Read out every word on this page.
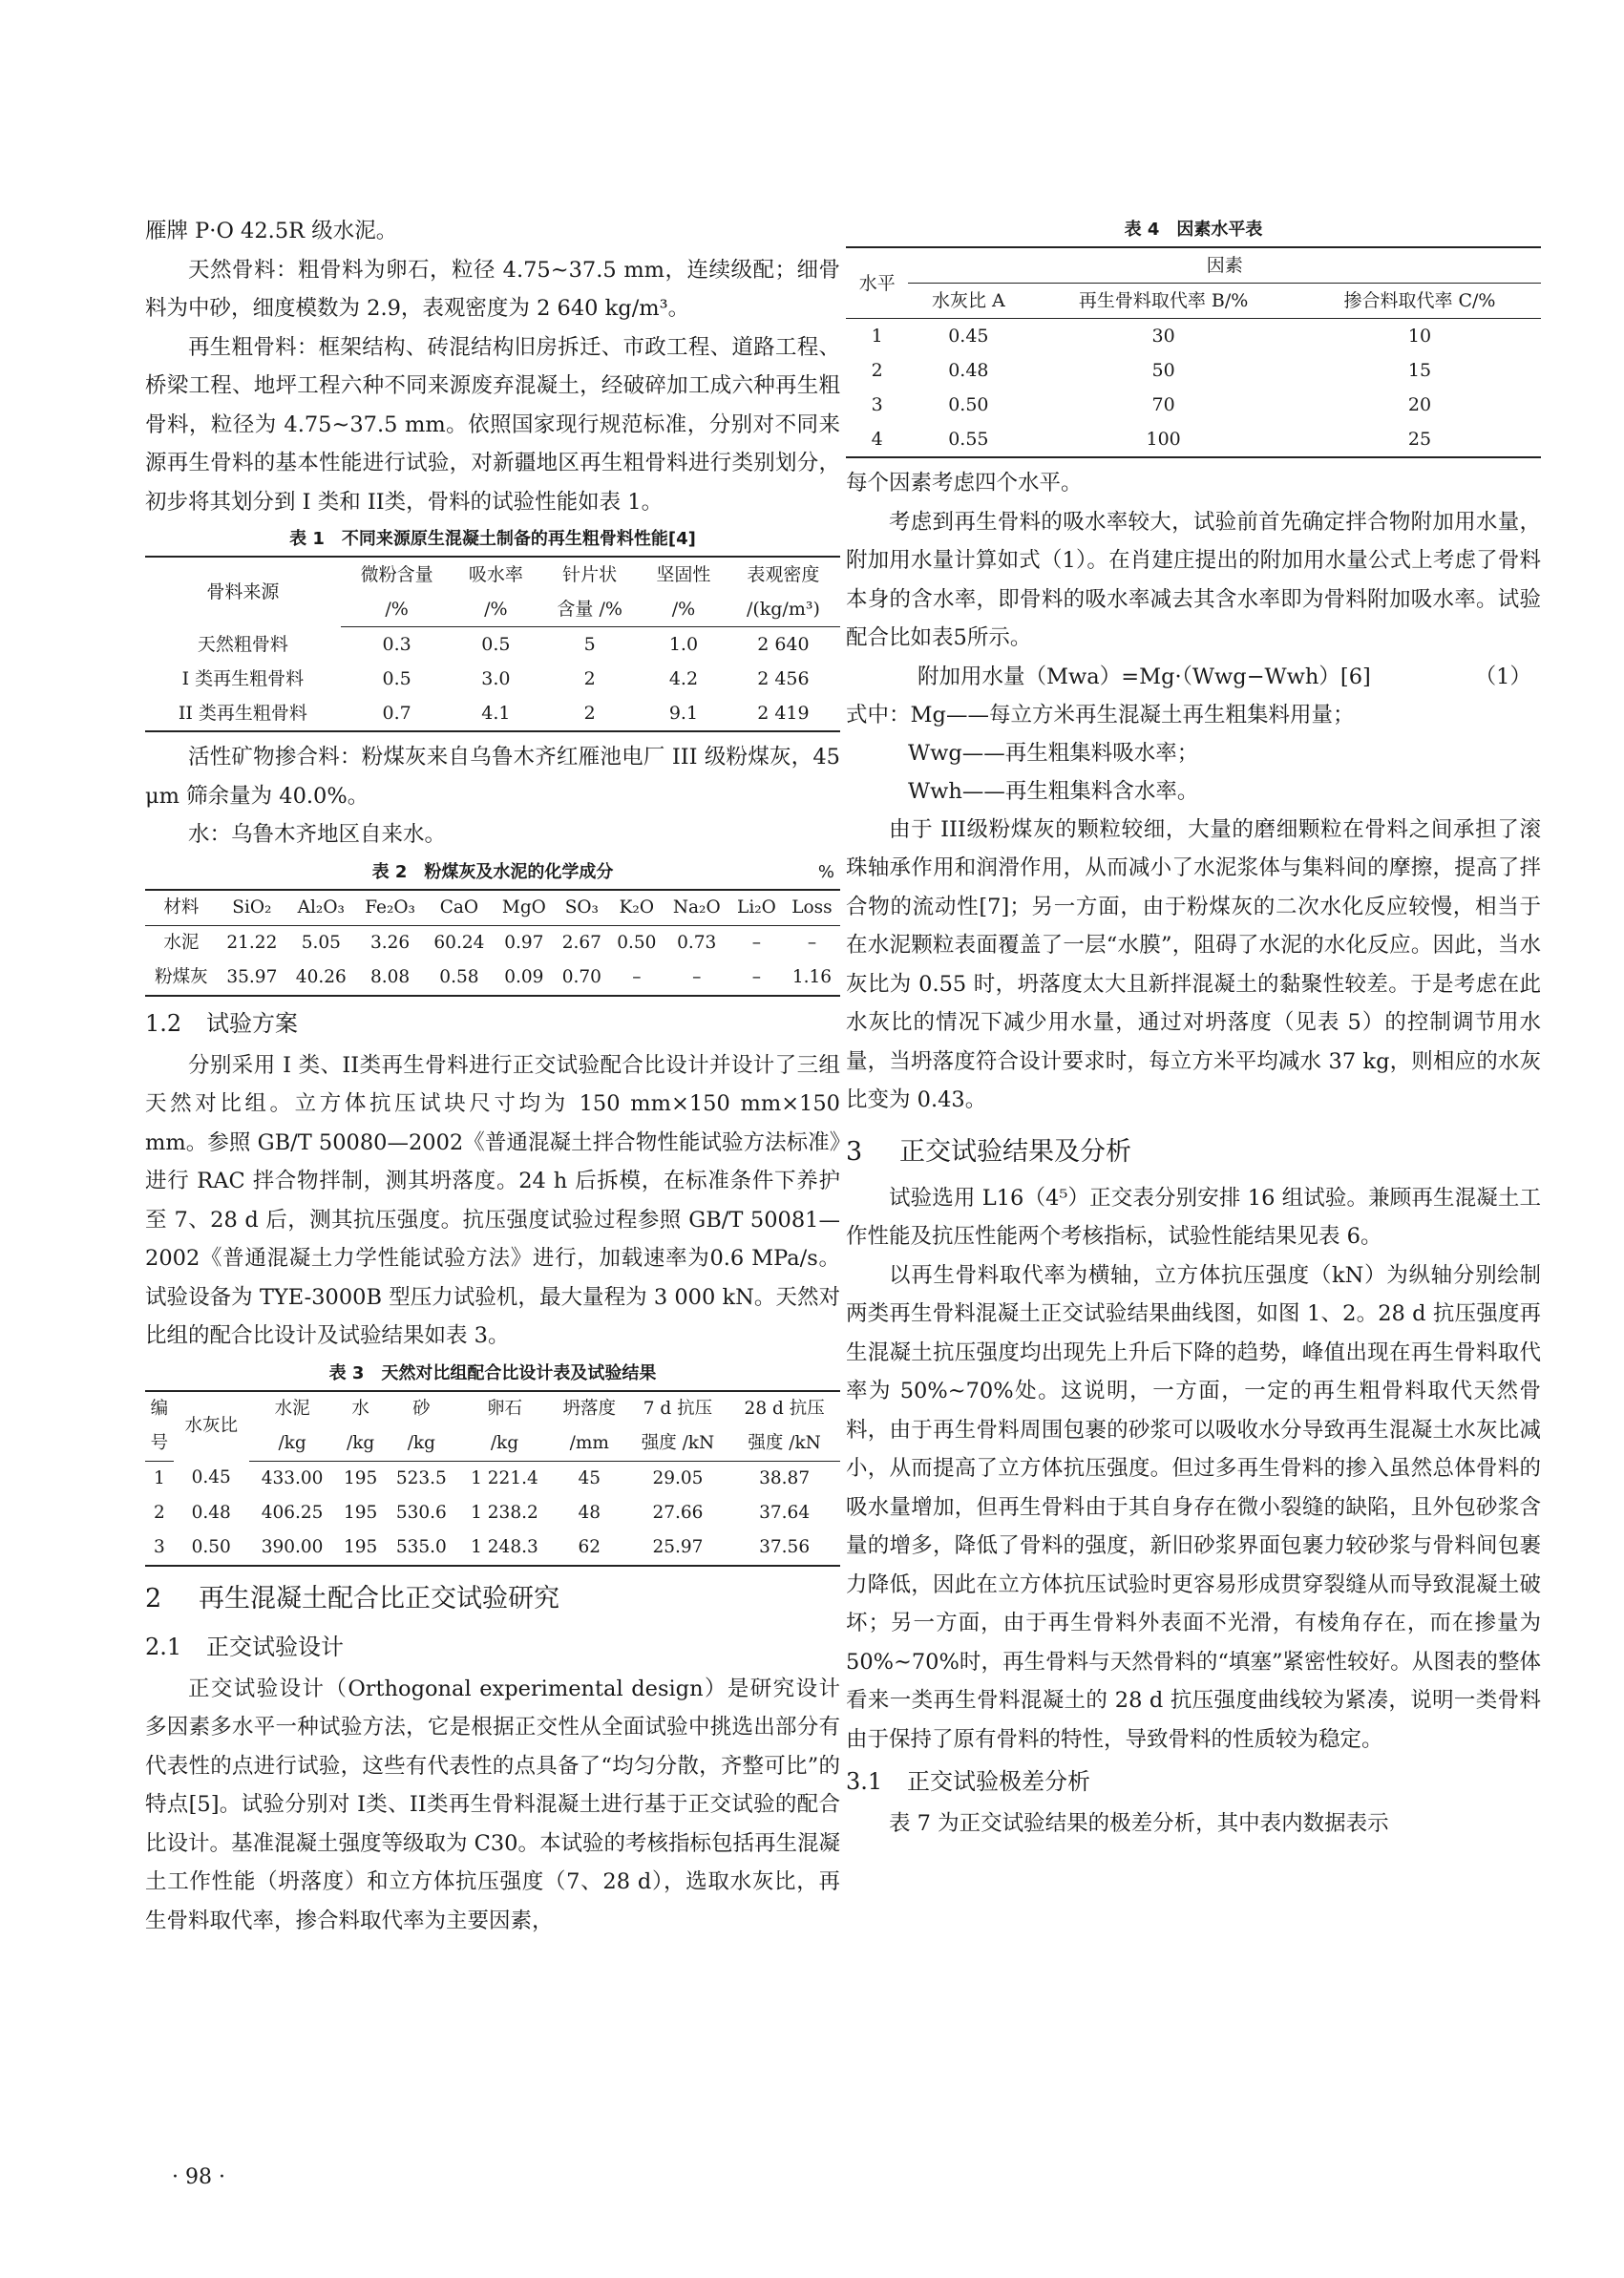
雁牌 P·O 42.5R 级水泥。

天然骨料：粗骨料为卵石，粒径 4.75~37.5 mm，连续级配；细骨料为中砂，细度模数为 2.9，表观密度为 2 640 kg/m³。

再生粗骨料：框架结构、砖混结构旧房拆迁、市政工程、道路工程、桥梁工程、地坪工程六种不同来源废弃混凝土，经破碎加工成六种再生粗骨料，粒径为 4.75~37.5 mm。依照国家现行规范标准，分别对不同来源再生骨料的基本性能进行试验，对新疆地区再生粗骨料进行类别划分，初步将其划分到 I 类和 II类，骨料的试验性能如表 1。

表 1　不同来源原生混凝土制备的再生粗骨料性能[4]
骨料来源	微粉含量	吸水率	针片状	坚固性	表观密度
	/%	/%	含量 /%	/%	/(kg/m³)
天然粗骨料	0.3	0.5	5	1.0	2 640
I 类再生粗骨料	0.5	3.0	2	4.2	2 456
II 类再生粗骨料	0.7	4.1	2	9.1	2 419

活性矿物掺合料：粉煤灰来自乌鲁木齐红雁池电厂 III 级粉煤灰，45 μm 筛余量为 40.0%。

水：乌鲁木齐地区自来水。

表 2　粉煤灰及水泥的化学成分	%
材料	SiO₂	Al₂O₃	Fe₂O₃	CaO	MgO	SO₃	K₂O	Na₂O	Li₂O	Loss
水泥	21.22	5.05	3.26	60.24	0.97	2.67	0.50	0.73	–	–
粉煤灰	35.97	40.26	8.08	0.58	0.09	0.70	–	–	–	1.16
1.2 试验方案

分别采用 I 类、II类再生骨料进行正交试验配合比设计并设计了三组天然对比组。立方体抗压试块尺寸均为 150 mm×150 mm×150 mm。参照 GB/T 50080—2002《普通混凝土拌合物性能试验方法标准》进行 RAC 拌合物拌制，测其坍落度。24 h 后拆模，在标准条件下养护至 7、28 d 后，测其抗压强度。抗压强度试验过程参照 GB/T 50081—2002《普通混凝土力学性能试验方法》进行，加载速率为0.6 MPa/s。试验设备为 TYE-3000B 型压力试验机，最大量程为 3 000 kN。天然对比组的配合比设计及试验结果如表 3。

表 3　天然对比组配合比设计表及试验结果
编	水灰比	水泥	水	砂	卵石	坍落度	7 d 抗压	28 d 抗压
号		/kg	/kg	/kg	/kg	/mm	强度 /kN	强度 /kN
1	0.45	433.00	195	523.5	1 221.4	45	29.05	38.87
2	0.48	406.25	195	530.6	1 238.2	48	27.66	37.64
3	0.50	390.00	195	535.0	1 248.3	62	25.97	37.56
2 再生混凝土配合比正交试验研究
2.1 正交试验设计

正交试验设计（Orthogonal experimental design）是研究设计多因素多水平一种试验方法，它是根据正交性从全面试验中挑选出部分有代表性的点进行试验，这些有代表性的点具备了“均匀分散，齐整可比”的特点[5]。试验分别对 I类、II类再生骨料混凝土进行基于正交试验的配合比设计。基准混凝土强度等级取为 C30。本试验的考核指标包括再生混凝土工作性能（坍落度）和立方体抗压强度（7、28 d），选取水灰比，再生骨料取代率，掺合料取代率为主要因素，

· 98 ·
表 4　因素水平表
水平	因素		
	水灰比 A	再生骨料取代率 B/%	掺合料取代率 C/%
1	0.45	30	10
2	0.48	50	15
3	0.50	70	20
4	0.55	100	25

每个因素考虑四个水平。

考虑到再生骨料的吸水率较大，试验前首先确定拌合物附加用水量，附加用水量计算如式（1）。在肖建庄提出的附加用水量公式上考虑了骨料本身的含水率，即骨料的吸水率减去其含水率即为骨料附加吸水率。试验配合比如表5所示。

附加用水量（Mwa）=Mg·（Wwg−Wwh）[6]	（1）
式中：Mg——每立方米再生混凝土再生粗集料用量；
Wwg——再生粗集料吸水率；
Wwh——再生粗集料含水率。

由于 III级粉煤灰的颗粒较细，大量的磨细颗粒在骨料之间承担了滚珠轴承作用和润滑作用，从而减小了水泥浆体与集料间的摩擦，提高了拌合物的流动性[7]；另一方面，由于粉煤灰的二次水化反应较慢，相当于在水泥颗粒表面覆盖了一层“水膜”，阻碍了水泥的水化反应。因此，当水灰比为 0.55 时，坍落度太大且新拌混凝土的黏聚性较差。于是考虑在此水灰比的情况下减少用水量，通过对坍落度（见表 5）的控制调节用水量，当坍落度符合设计要求时，每立方米平均减水 37 kg，则相应的水灰比变为 0.43。

3 正交试验结果及分析

试验选用 L16（4⁵）正交表分别安排 16 组试验。兼顾再生混凝土工作性能及抗压性能两个考核指标，试验性能结果见表 6。

以再生骨料取代率为横轴，立方体抗压强度（kN）为纵轴分别绘制两类再生骨料混凝土正交试验结果曲线图，如图 1、2。28 d 抗压强度再生混凝土抗压强度均出现先上升后下降的趋势，峰值出现在再生骨料取代率为 50%~70%处。这说明，一方面，一定的再生粗骨料取代天然骨料，由于再生骨料周围包裹的砂浆可以吸收水分导致再生混凝土水灰比减小，从而提高了立方体抗压强度。但过多再生骨料的掺入虽然总体骨料的吸水量增加，但再生骨料由于其自身存在微小裂缝的缺陷，且外包砂浆含量的增多，降低了骨料的强度，新旧砂浆界面包裹力较砂浆与骨料间包裹力降低，因此在立方体抗压试验时更容易形成贯穿裂缝从而导致混凝土破坏；另一方面，由于再生骨料外表面不光滑，有棱角存在，而在掺量为 50%~70%时，再生骨料与天然骨料的“填塞”紧密性较好。从图表的整体看来一类再生骨料混凝土的 28 d 抗压强度曲线较为紧凑，说明一类骨料由于保持了原有骨料的特性，导致骨料的性质较为稳定。

3.1 正交试验极差分析

表 7 为正交试验结果的极差分析，其中表内数据表示
